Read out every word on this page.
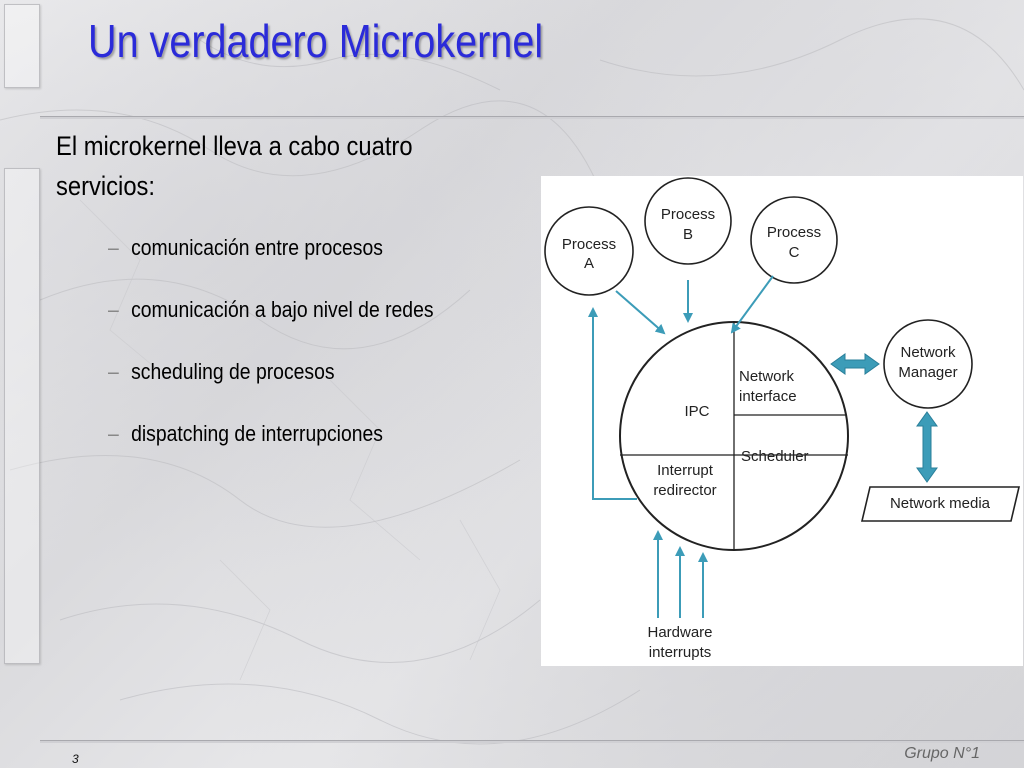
Un verdadero Microkernel

El microkernel lleva a cabo cuatro servicios:

– comunicación entre procesos
– comunicación a bajo nivel de redes
– scheduling de procesos
– dispatching de interrupciones
Process
A
Process
B	Process
C
Network
Manager
IPC
Network
interface
Scheduler
Interrupt
redirector
Network media
Hardware
interrupts
3	Grupo N°1
